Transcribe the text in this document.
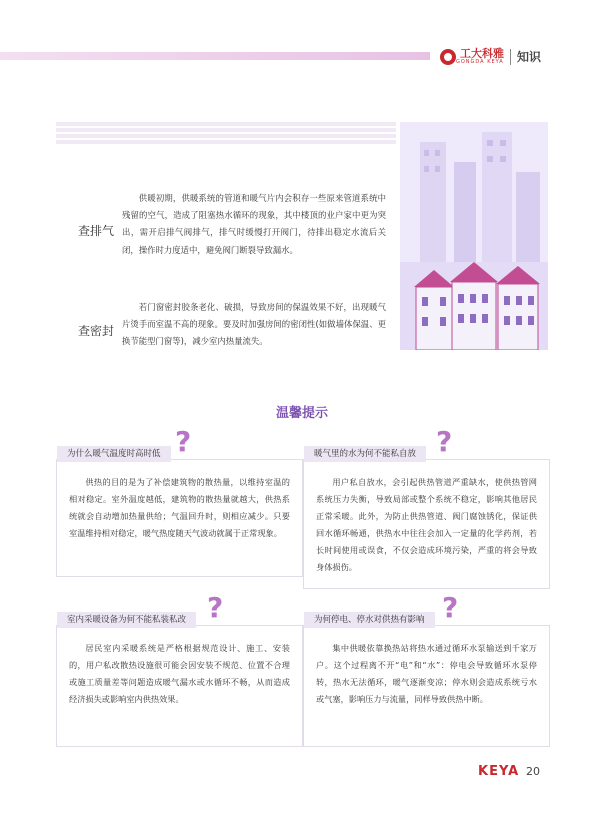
工大科雅
GONGDA KEYA 知识
查排气
供暖初期，供暖系统的管道和暖气片内会积存一些原来管道系统中残留的空气，造成了阻塞热水循环的现象，其中楼顶的业户家中更为突出，需开启排气阀排气，排气时缓慢打开阀门，待排出稳定水流后关闭，操作时力度适中，避免阀门断裂导致漏水。
查密封
若门窗密封胶条老化、破损，导致房间的保温效果不好，出现暖气片烫手而室温不高的现象。要及时加强房间的密闭性(如做墙体保温、更换节能型门窗等)，减少室内热量流失。
温馨提示
为什么暖气温度时高时低 ?
供热的目的是为了补偿建筑物的散热量，以维持室温的相对稳定。室外温度越低，建筑物的散热量就越大，供热系统就会自动增加热量供给；气温回升时，则相应减少。只要室温维持相对稳定，暖气热度随天气波动就属于正常现象。
暖气里的水为何不能私自放 ?
用户私自放水，会引起供热管道严重缺水，使供热管网系统压力失衡，导致局部或整个系统不稳定，影响其他居民正常采暖。此外，为防止供热管道、阀门腐蚀锈化，保证供回水循环畅通，供热水中往往会加入一定量的化学药剂，若长时间使用或误食，不仅会造成环境污染，严重的将会导致身体损伤。
室内采暖设备为何不能私装私改 ?
居民室内采暖系统是严格根据规范设计、施工、安装的，用户私改散热设施很可能会因安装不规范、位置不合理或施工质量差等问题造成暖气漏水或水循环不畅，从而造成经济损失或影响室内供热效果。
为何停电、停水对供热有影响 ?
集中供暖依靠换热站将热水通过循环水泵输送到千家万户。这个过程离不开“电”和“水”：停电会导致循环水泵停转，热水无法循环，暖气逐渐变凉；停水则会造成系统亏水或气塞，影响压力与流量，同样导致供热中断。
KEYA 20
